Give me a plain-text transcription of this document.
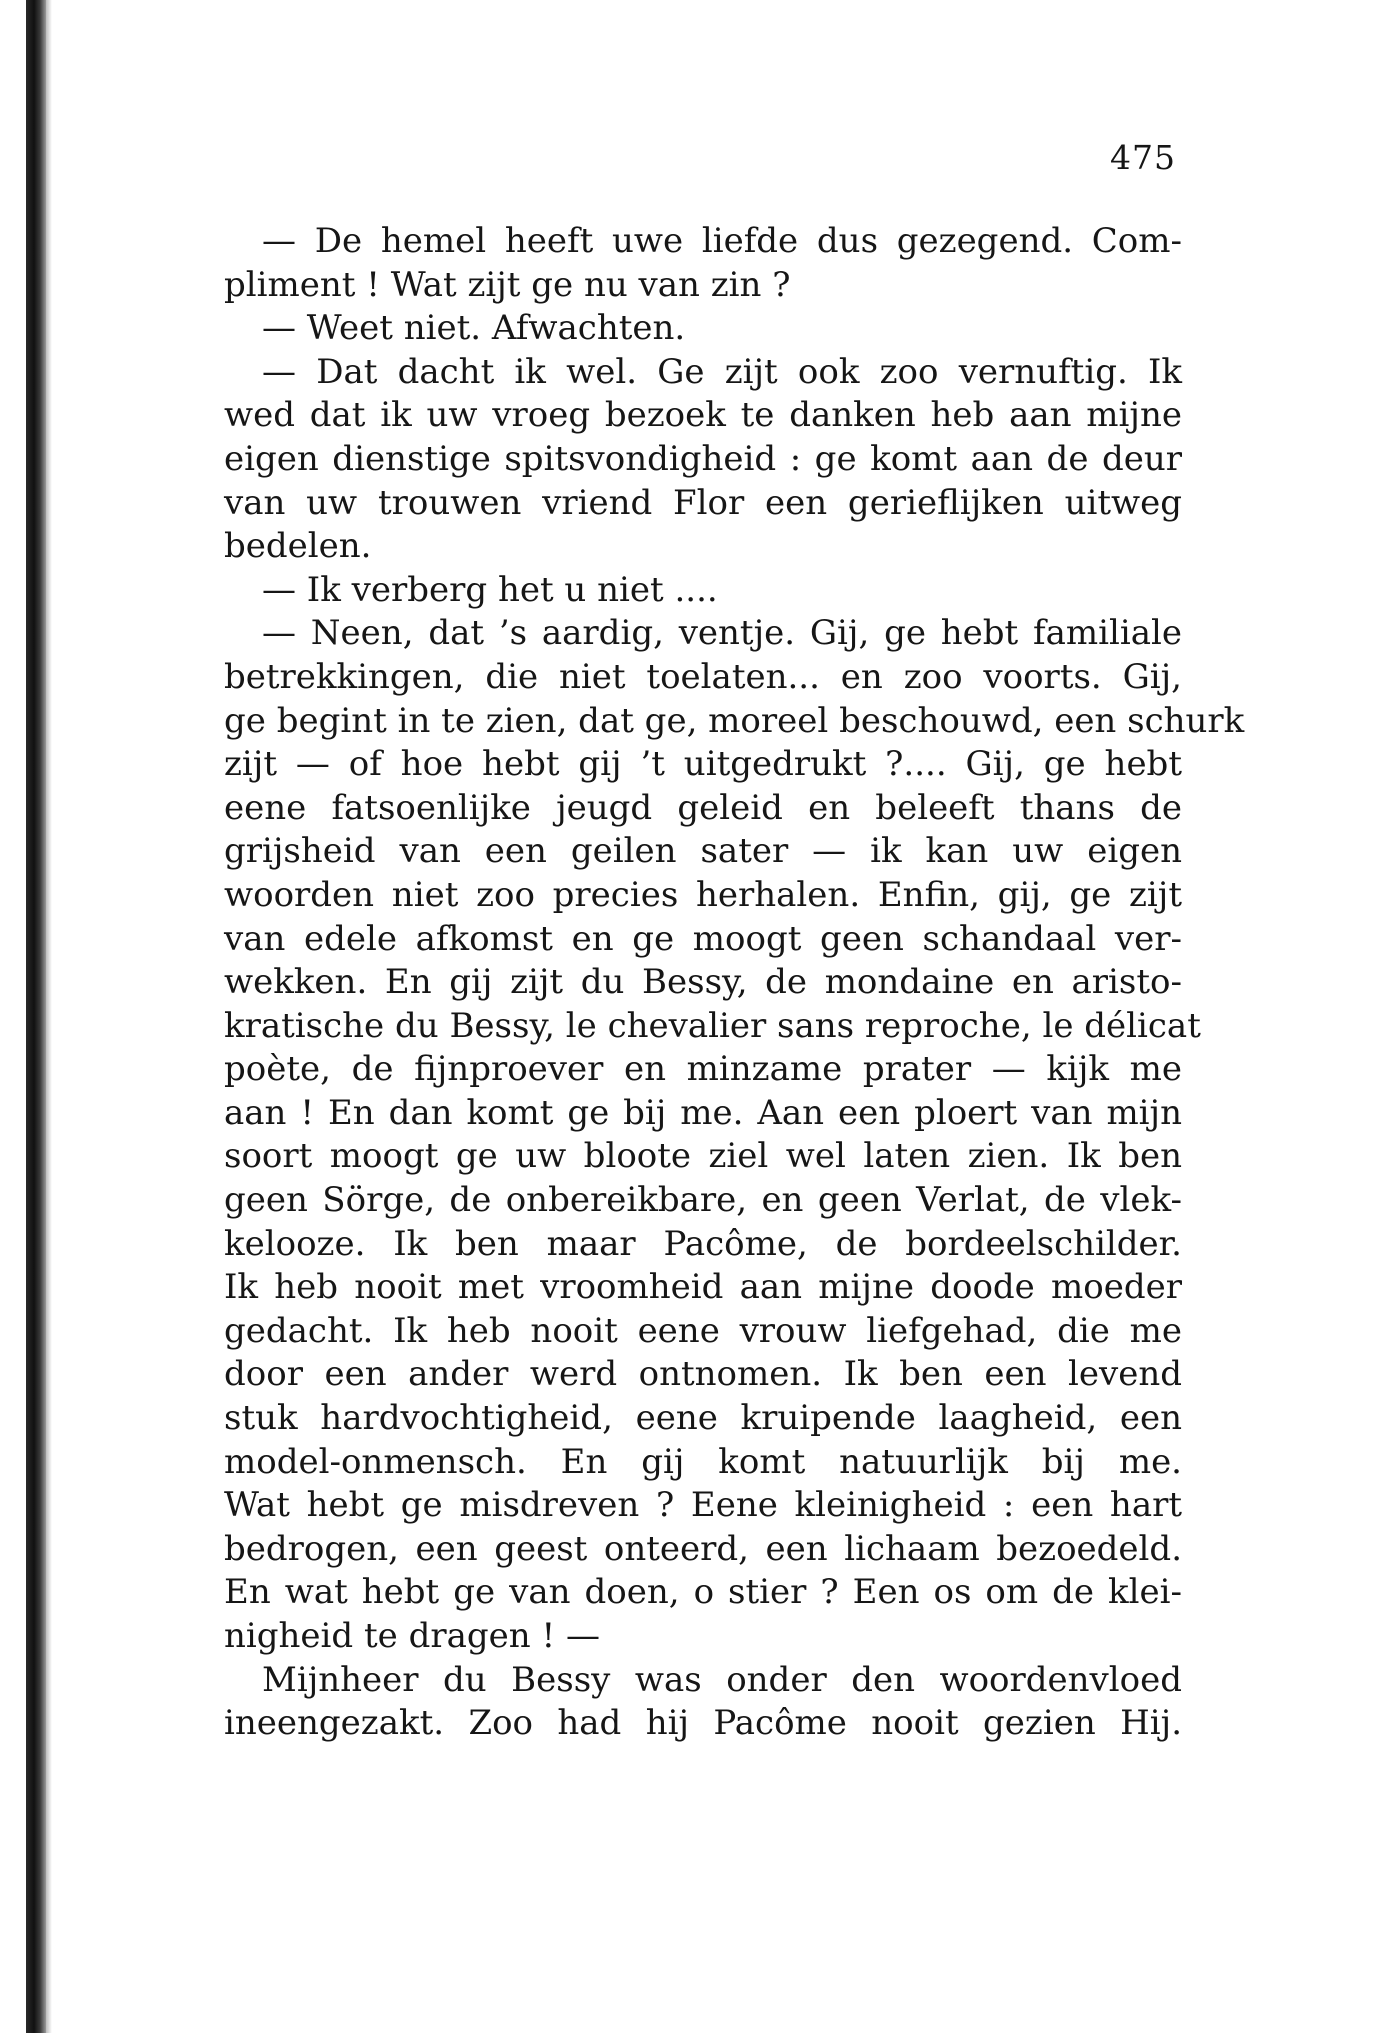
475
— De hemel heeft uwe liefde dus gezegend. Com-
pliment ! Wat zijt ge nu van zin ?
— Weet niet. Afwachten.
— Dat dacht ik wel. Ge zijt ook zoo vernuftig. Ik
wed dat ik uw vroeg bezoek te danken heb aan mijne
eigen dienstige spitsvondigheid : ge komt aan de deur
van uw trouwen vriend Flor een gerieflijken uitweg
bedelen.
— Ik verberg het u niet ....
— Neen, dat ’s aardig, ventje. Gij, ge hebt familiale
betrekkingen, die niet toelaten... en zoo voorts. Gij,
ge begint in te zien, dat ge, moreel beschouwd, een schurk
zijt — of hoe hebt gij ’t uitgedrukt ?.... Gij, ge hebt
eene fatsoenlijke jeugd geleid en beleeft thans de
grijsheid van een geilen sater — ik kan uw eigen
woorden niet zoo precies herhalen. Enfin, gij, ge zijt
van edele afkomst en ge moogt geen schandaal ver-
wekken. En gij zijt du Bessy, de mondaine en aristo-
kratische du Bessy, le chevalier sans reproche, le délicat
poète, de fijnproever en minzame prater — kijk me
aan ! En dan komt ge bij me. Aan een ploert van mijn
soort moogt ge uw bloote ziel wel laten zien. Ik ben
geen Sörge, de onbereikbare, en geen Verlat, de vlek-
kelooze. Ik ben maar Pacôme, de bordeelschilder.
Ik heb nooit met vroomheid aan mijne doode moeder
gedacht. Ik heb nooit eene vrouw liefgehad, die me
door een ander werd ontnomen. Ik ben een levend
stuk hardvochtigheid, eene kruipende laagheid, een
model-onmensch. En gij komt natuurlijk bij me.
Wat hebt ge misdreven ? Eene kleinigheid : een hart
bedrogen, een geest onteerd, een lichaam bezoedeld.
En wat hebt ge van doen, o stier ? Een os om de klei-
nigheid te dragen ! —
Mijnheer du Bessy was onder den woordenvloed
ineengezakt. Zoo had hij Pacôme nooit gezien Hij.
